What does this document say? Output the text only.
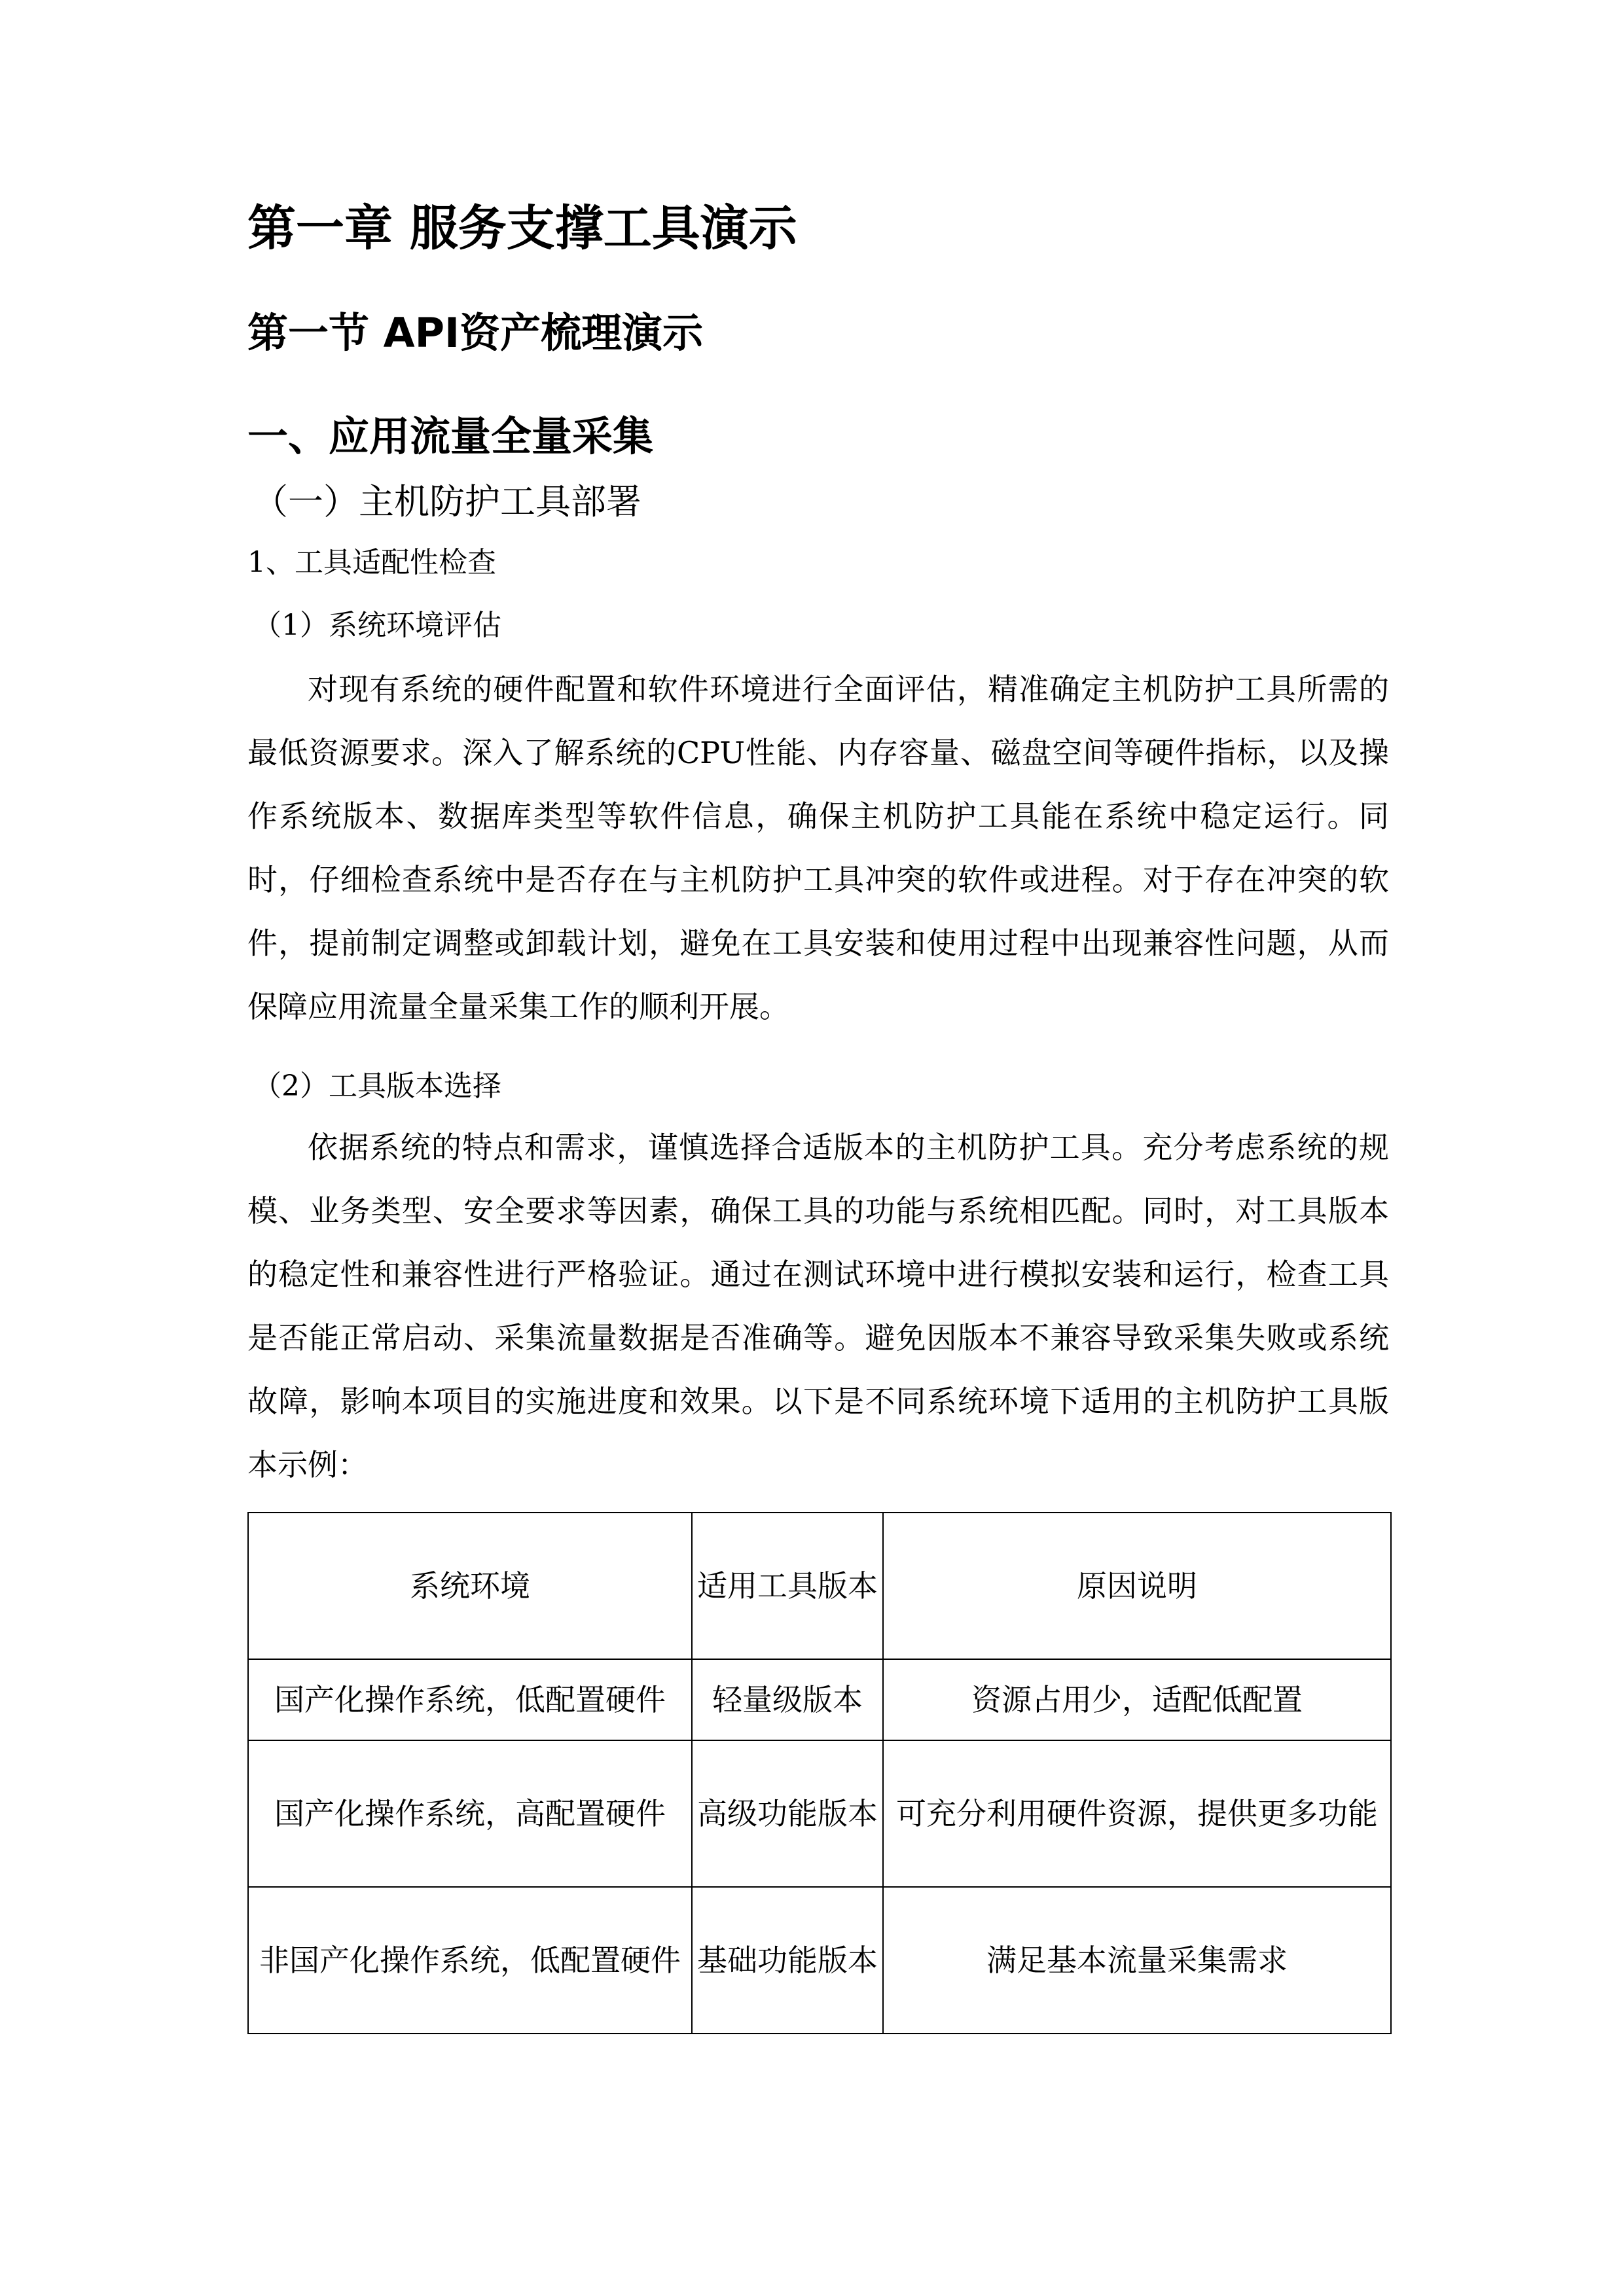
第一章 服务支撑工具演示
第一节 API资产梳理演示
一、应用流量全量采集
（一）主机防护工具部署
1、工具适配性检查
（1）系统环境评估

对现有系统的硬件配置和软件环境进行全面评估，精准确定主机防护工具所需的最低资源要求。深入了解系统的CPU性能、内存容量、磁盘空间等硬件指标，以及操作系统版本、数据库类型等软件信息，确保主机防护工具能在系统中稳定运行。同时，仔细检查系统中是否存在与主机防护工具冲突的软件或进程。对于存在冲突的软件，提前制定调整或卸载计划，避免在工具安装和使用过程中出现兼容性问题，从而保障应用流量全量采集工作的顺利开展。

（2）工具版本选择

依据系统的特点和需求，谨慎选择合适版本的主机防护工具。充分考虑系统的规模、业务类型、安全要求等因素，确保工具的功能与系统相匹配。同时，对工具版本的稳定性和兼容性进行严格验证。通过在测试环境中进行模拟安装和运行，检查工具是否能正常启动、采集流量数据是否准确等。避免因版本不兼容导致采集失败或系统故障，影响本项目的实施进度和效果。以下是不同系统环境下适用的主机防护工具版本示例：

系统环境	适用工具版本	原因说明
国产化操作系统，低配置硬件	轻量级版本	资源占用少，适配低配置
国产化操作系统，高配置硬件	高级功能版本	可充分利用硬件资源，提供更多功能
非国产化操作系统，低配置硬件	基础功能版本	满足基本流量采集需求
